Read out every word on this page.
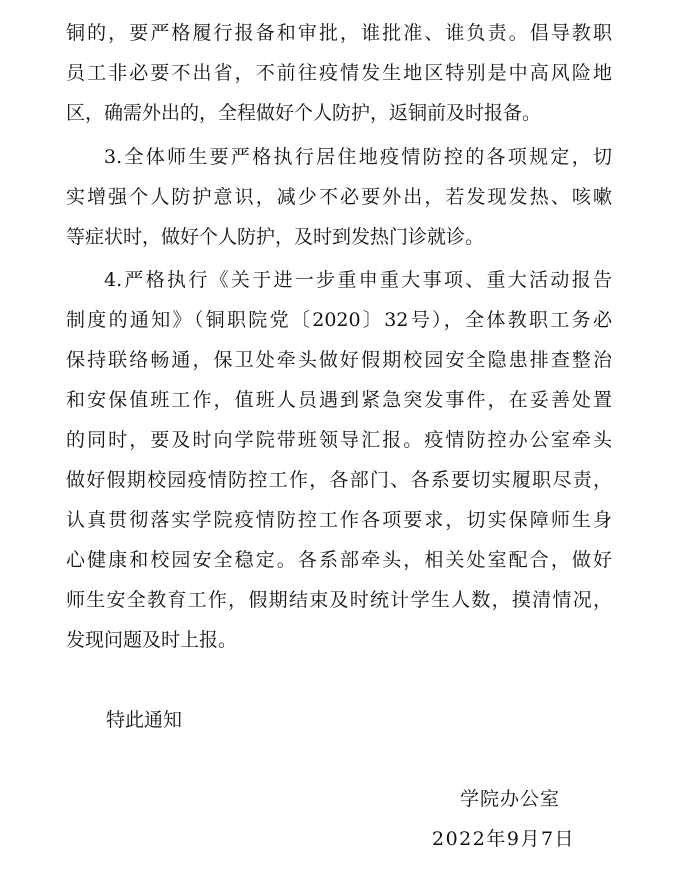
铜的，要严格履行报备和审批，谁批准、谁负责。倡导教职
员工非必要不出省，不前往疫情发生地区特别是中高风险地
区，确需外出的，全程做好个人防护，返铜前及时报备。
3.全体师生要严格执行居住地疫情防控的各项规定，切
实增强个人防护意识，减少不必要外出，若发现发热、咳嗽
等症状时，做好个人防护，及时到发热门诊就诊。
4.严格执行《关于进一步重申重大事项、重大活动报告
制度的通知》（铜职院党〔2020〕32号），全体教职工务必
保持联络畅通，保卫处牵头做好假期校园安全隐患排查整治
和安保值班工作，值班人员遇到紧急突发事件，在妥善处置
的同时，要及时向学院带班领导汇报。疫情防控办公室牵头
做好假期校园疫情防控工作，各部门、各系要切实履职尽责，
认真贯彻落实学院疫情防控工作各项要求，切实保障师生身
心健康和校园安全稳定。各系部牵头，相关处室配合，做好
师生安全教育工作，假期结束及时统计学生人数，摸清情况，
发现问题及时上报。
特此通知
学院办公室
2022年9月7日
